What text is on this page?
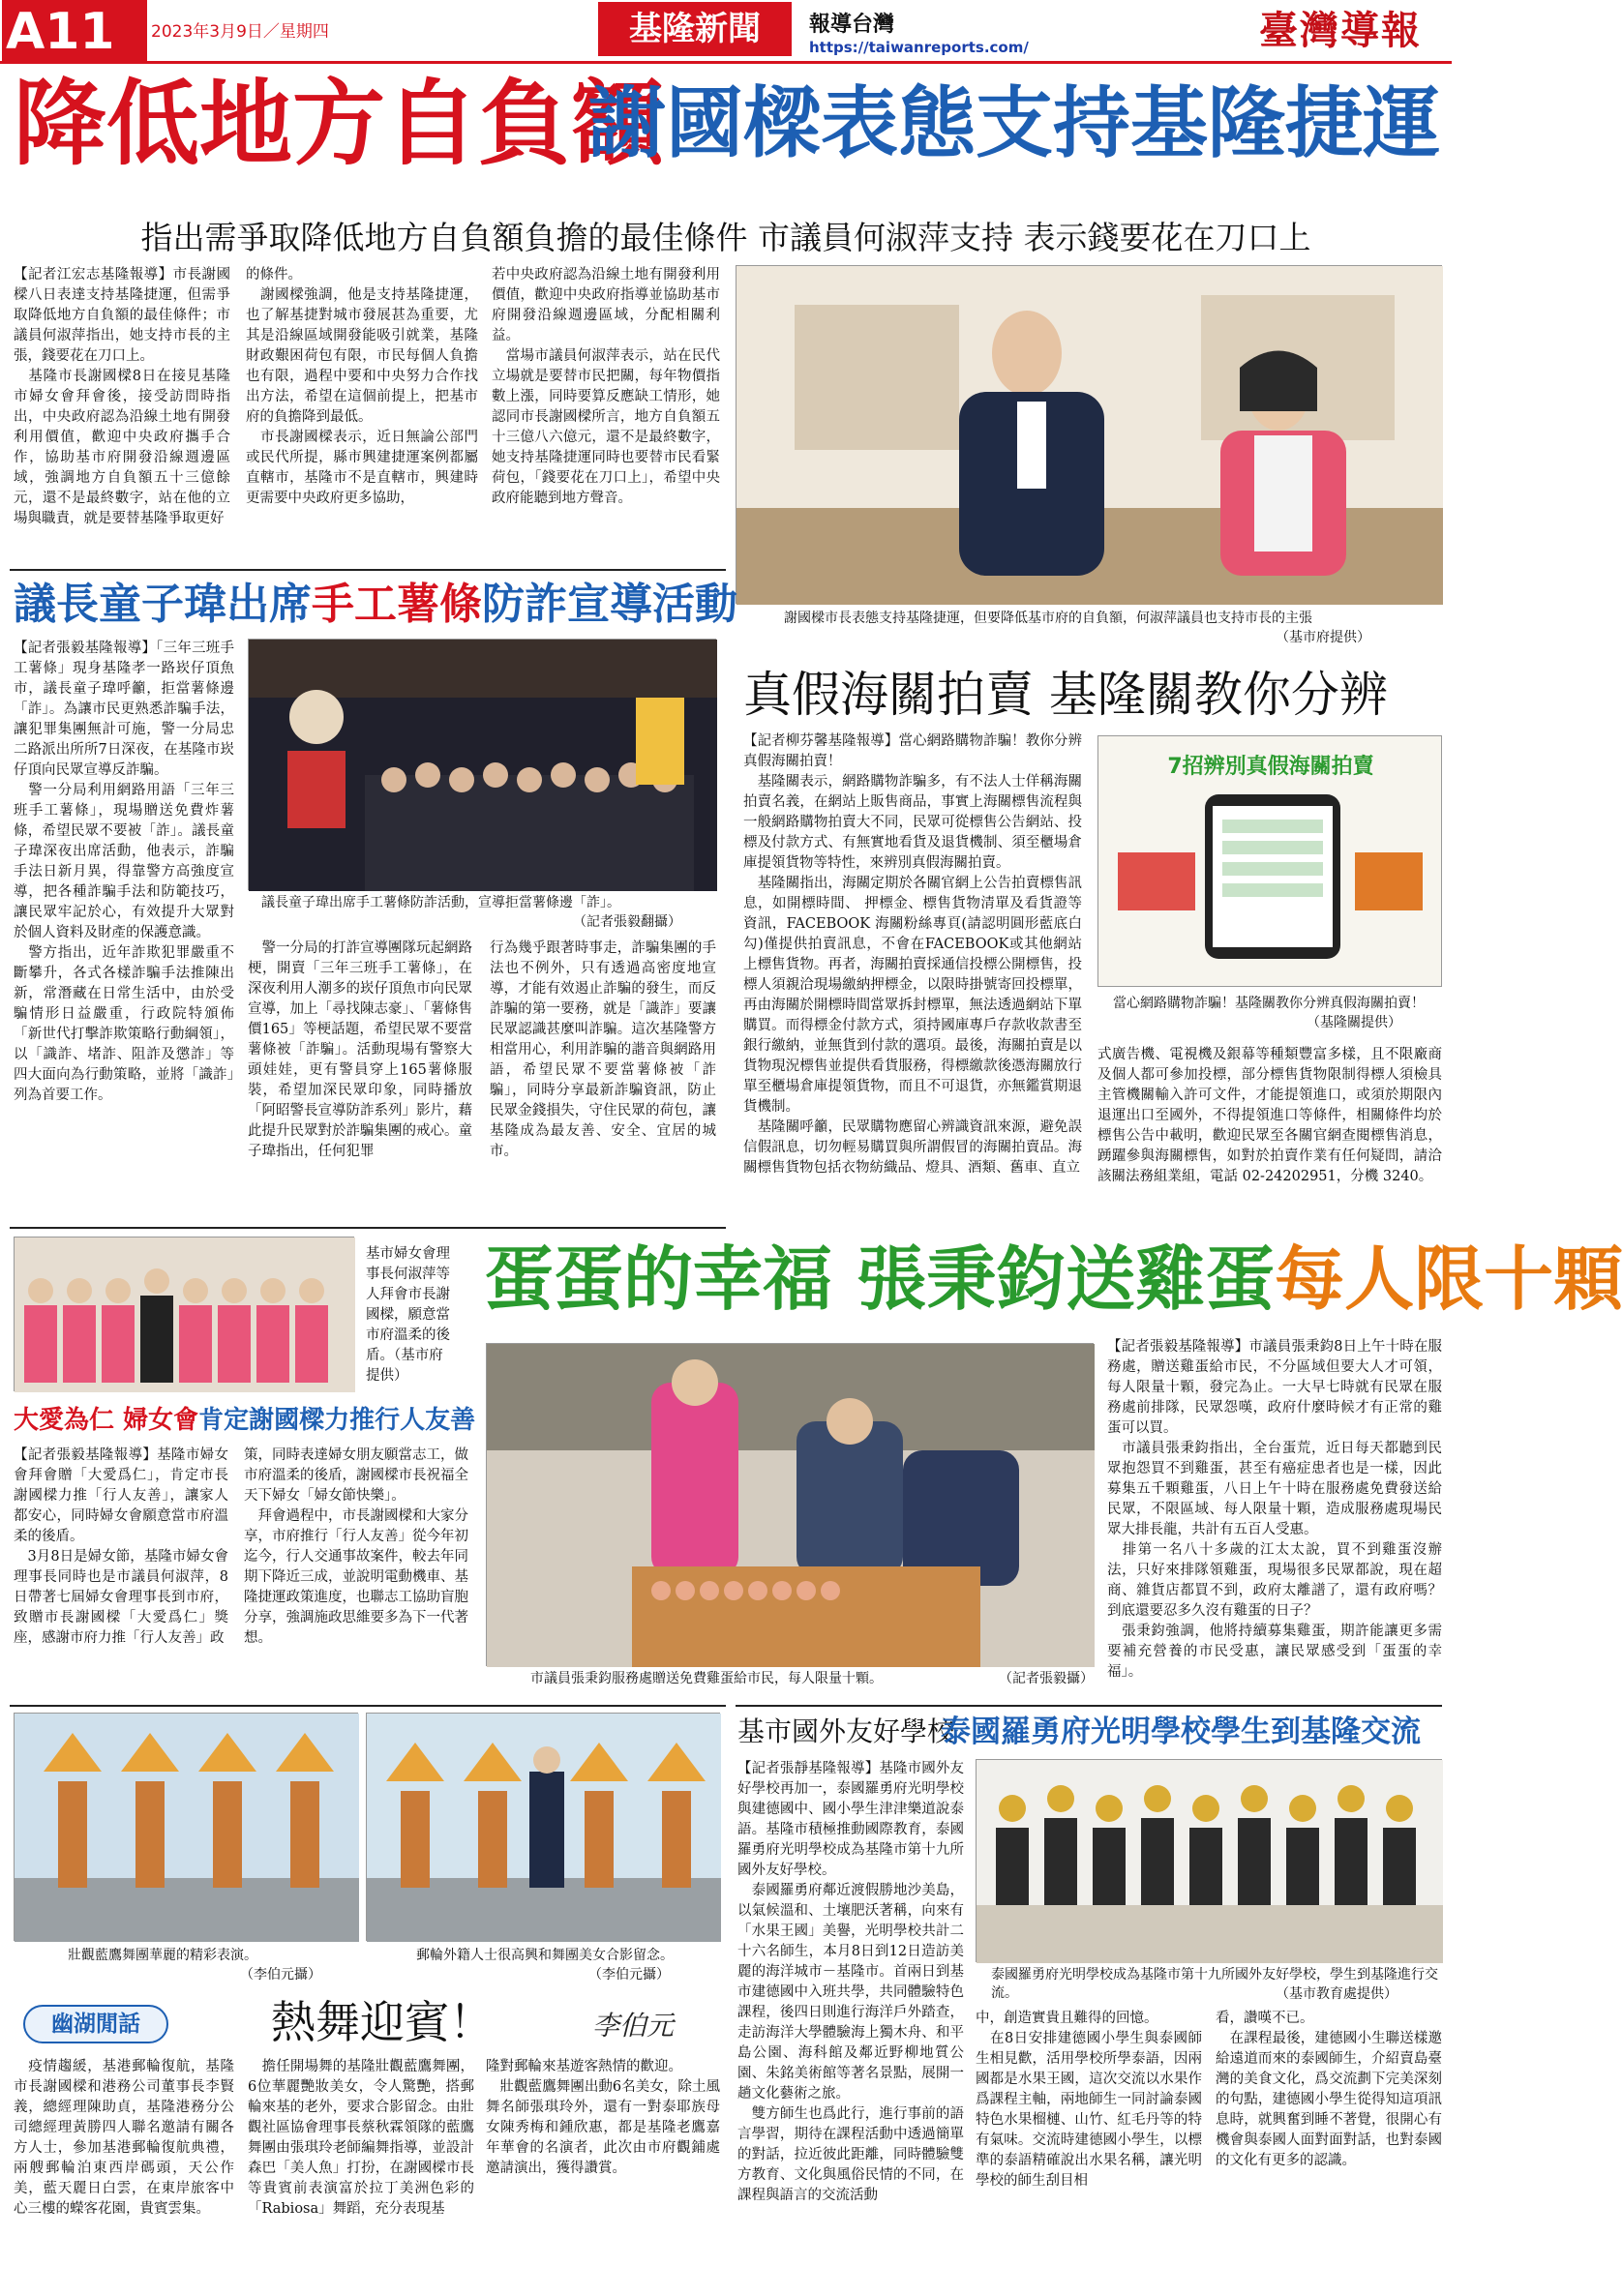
A11	2023年3月9日／星期四	基隆新聞	報導台灣
https://taiwanreports.com/	臺灣導報
降低地方自負額
謝國樑表態支持基隆捷運
指出需爭取降低地方自負額負擔的最佳條件 市議員何淑萍支持 表示錢要花在刀口上
【記者江宏志基隆報導】市長謝國樑八日表達支持基隆捷運，但需爭取降低地方自負額的最佳條件；市議員何淑萍指出，她支持市長的主張，錢要花在刀口上。
　基隆市長謝國樑8日在接見基隆市婦女會拜會後，接受訪問時指出，中央政府認為沿線土地有開發利用價值，歡迎中央政府攜手合作，協助基市府開發沿線週邊區域，強調地方自負額五十三億餘元，還不是最終數字，站在他的立場與職責，就是要替基隆爭取更好
的條件。
　謝國樑強調，他是支持基隆捷運，也了解基捷對城市發展甚為重要，尤其是沿線區域開發能吸引就業，基隆財政艱困荷包有限，市民每個人負擔也有限，過程中要和中央努力合作找出方法，希望在這個前提上，把基市府的負擔降到最低。
　市長謝國樑表示，近日無論公部門或民代所提，縣市興建捷運案例都屬直轄市，基隆市不是直轄市，興建時更需要中央政府更多協助，
若中央政府認為沿線土地有開發利用價值，歡迎中央政府指導並協助基市府開發沿線週邊區域，分配相關利益。
　當場市議員何淑萍表示，站在民代立場就是要替市民把關，每年物價指數上漲，同時要算反應缺工情形，她認同市長謝國樑所言，地方自負額五十三億八六億元，還不是最終數字，她支持基隆捷運同時也要替市民看緊荷包，「錢要花在刀口上」，希望中央政府能聽到地方聲音。
謝國樑市長表態支持基隆捷運，但要降低基市府的自負額，何淑萍議員也支持市長的主張
（基市府提供）
議長童子瑋出席手工薯條防詐宣導活動
【記者張毅基隆報導】「三年三班手工薯條」現身基隆孝一路崁仔頂魚市，議長童子瑋呼籲，拒當薯條邊「詐」。為讓市民更熟悉詐騙手法，讓犯罪集團無計可施，警一分局忠二路派出所所7日深夜，在基隆市崁仔頂向民眾宣導反詐騙。
　警一分局利用網路用語「三年三班手工薯條」，現場贈送免費炸薯條，希望民眾不要被「詐」。議長童子瑋深夜出席活動，他表示，詐騙手法日新月異，得靠警方高強度宣導，把各種詐騙手法和防範技巧，讓民眾牢記於心，有效提升大眾對於個人資料及財產的保護意識。
　警方指出，近年詐欺犯罪嚴重不斷攀升，各式各樣詐騙手法推陳出新，常潛藏在日常生活中，由於受騙情形日益嚴重，行政院特頒佈「新世代打擊詐欺策略行動綱領」，以「識詐、堵詐、阻詐及懲詐」等四大面向為行動策略，並將「識詐」列為首要工作。
議長童子瑋出席手工薯條防詐活動，宣導拒當薯條邊「詐」。
（記者張毅翻攝）
　警一分局的打詐宣導團隊玩起網路梗，開賣「三年三班手工薯條」，在深夜利用人潮多的崁仔頂魚市向民眾宣導，加上「尋找陳志豪」、「薯條售價165」等梗話題，希望民眾不要當薯條被「詐騙」。活動現場有警察大頭娃娃，更有警員穿上165薯條服裝，希望加深民眾印象，同時播放「阿昭警長宣導防詐系列」影片，藉此提升民眾對於詐騙集團的戒心。童子瑋指出，任何犯罪
行為幾乎跟著時事走，詐騙集團的手法也不例外，只有透過高密度地宣導，才能有效遏止詐騙的發生，而反詐騙的第一要務，就是「識詐」要讓民眾認識甚麼叫詐騙。這次基隆警方相當用心，利用詐騙的諧音與網路用語，希望民眾不要當薯條被「詐騙」，同時分享最新詐騙資訊，防止民眾金錢損失，守住民眾的荷包，讓基隆成為最友善、安全、宜居的城市。
真假海關拍賣 基隆關教你分辨
【記者柳芬馨基隆報導】當心網路購物詐騙！教你分辨真假海關拍賣！
　基隆關表示，網路購物詐騙多，有不法人士佯稱海關拍賣名義，在網站上販售商品，事實上海關標售流程與一般網路購物拍賣大不同，民眾可從標售公告網站、投標及付款方式、有無實地看貨及退貨機制、須至櫃場倉庫提領貨物等特性，來辨別真假海關拍賣。
　基隆關指出，海關定期於各關官網上公告拍賣標售訊息，如開標時間、 押標金、標售貨物清單及看貨證等資訊，FACEBOOK 海關粉絲專頁(請認明圓形藍底白勾)僅提供拍賣訊息，不會在FACEBOOK或其他網站上標售貨物。再者，海關拍賣採通信投標公開標售，投標人須親洽現場繳納押標金，以限時掛號寄回投標單，再由海關於開標時間當眾拆封標單，無法透過網站下單購買。而得標金付款方式，須持國庫專戶存款收款書至銀行繳納，並無貨到付款的選項。最後，海關拍賣是以貨物現況標售並提供看貨服務，得標繳款後憑海關放行單至櫃場倉庫提領貨物，而且不可退貨，亦無鑑賞期退貨機制。
　基隆關呼籲，民眾購物應留心辨識資訊來源，避免誤信假訊息，切勿輕易購買與所謂假冒的海關拍賣品。海關標售貨物包括衣物紡織品、燈具、酒類、舊車、直立
7招辨別真假海關拍賣
當心網路購物詐騙！基隆關教你分辨真假海關拍賣！
（基隆關提供）
式廣告機、電視機及銀幕等種類豐富多樣，且不限廠商及個人都可參加投標，部分標售貨物限制得標人須檢具主管機關輸入許可文件，才能提領進口，或須於期限內退運出口至國外，不得提領進口等條件，相關條件均於標售公告中載明，歡迎民眾至各關官網查閱標售消息，踴躍參與海關標售，如對於拍賣作業有任何疑問，請洽該關法務組業組，電話 02-24202951，分機 3240。
基市婦女會理事長何淑萍等人拜會市長謝國樑，願意當市府溫柔的後盾。（基市府提供）
大愛為仁 婦女會肯定謝國樑力推行人友善
【記者張毅基隆報導】基隆市婦女會拜會贈「大愛爲仁」，肯定市長謝國樑力推「行人友善」，讓家人都安心，同時婦女會願意當市府溫柔的後盾。
　3月8日是婦女節，基隆市婦女會理事長同時也是市議員何淑萍，8日帶著七屆婦女會理事長到市府，致贈市長謝國樑「大愛爲仁」獎座，感謝市府力推「行人友善」政
策，同時表達婦女朋友願當志工，做市府溫柔的後盾，謝國樑市長祝福全天下婦女「婦女節快樂」。
　拜會過程中，市長謝國樑和大家分享，市府推行「行人友善」從今年初迄今，行人交通事故案件，較去年同期下降近三成，並說明電動機車、基隆捷運政策進度，也聯志工協助盲胞分享，強調施政思維要多為下一代著想。
蛋蛋的幸福 張秉鈞送雞蛋每人限十顆
市議員張秉鈞服務處贈送免費雞蛋給市民，每人限量十顆。	（記者張毅攝）
【記者張毅基隆報導】市議員張秉鈞8日上午十時在服務處，贈送雞蛋給市民，不分區域但要大人才可領，每人限量十顆，發完為止。一大早七時就有民眾在服務處前排隊，民眾怨嘆，政府什麼時候才有正常的雞蛋可以買。
　市議員張秉鈞指出，全台蛋荒，近日每天都聽到民眾抱怨買不到雞蛋，甚至有癌症患者也是一樣，因此募集五千顆雞蛋，八日上午十時在服務處免費發送給民眾，不限區域、每人限量十顆，造成服務處現場民眾大排長龍，共計有五百人受惠。
　排第一名八十多歲的江太太說，買不到雞蛋沒辦法，只好來排隊領雞蛋，現場很多民眾都說，現在超商、雜貨店都買不到，政府太離譜了，還有政府嗎？到底還要忍多久沒有雞蛋的日子？
　張秉鈞強調，他將持續募集雞蛋，期許能讓更多需要補充營養的市民受惠，讓民眾感受到「蛋蛋的幸福」。
基市國外友好學校
泰國羅勇府光明學校學生到基隆交流
【記者張靜基隆報導】基隆市國外友好學校再加一，泰國羅勇府光明學校與建德國中、國小學生津津樂道說泰語。基隆市積極推動國際教育，泰國羅勇府光明學校成為基隆市第十九所國外友好學校。
　泰國羅勇府鄰近渡假勝地沙美島，以氣候溫和、土壤肥沃著稱，向來有「水果王國」美譽，光明學校共計二十六名師生，本月8日到12日造訪美麗的海洋城市－基隆市。首兩日到基市建德國中入班共學，共同體驗特色課程，後四日則進行海洋戶外踏查，走訪海洋大學體驗海上獨木舟、和平島公園、海科館及鄰近野柳地質公園、朱銘美術館等著名景點，展開一趟文化藝術之旅。
　雙方師生也爲此行，進行事前的語言學習，期待在課程活動中透過簡單的對話，拉近彼此距離，同時體驗雙方教育、文化與風俗民情的不同，在課程與語言的交流活動
泰國羅勇府光明學校成為基隆市第十九所國外友好學校，學生到基隆進行交流。	（基市教育處提供）
中，創造實貴且難得的回憶。
　在8日安排建德國小學生與泰國師生相見歡，活用學校所學泰語，因兩國都是水果王國，這次交流以水果作爲課程主軸，兩地師生一同討論泰國特色水果榴槤、山竹、紅毛丹等的特有氣味。交流時建德國小學生，以標準的泰語精確說出水果名稱，讓光明學校的師生刮目相
看，讚嘆不已。
　在課程最後，建德國小生聯送樣邀給遠道而來的泰國師生，介紹賣島臺灣的美食文化，爲交流劃下完美深刻的句點，建德國小學生從得知這項訊息時，就興奮到睡不著覺，很開心有機會與泰國人面對面對話，也對泰國的文化有更多的認識。
壯觀藍鷹舞團華麗的精彩表演。
（李伯元攝）
郵輪外籍人士很高興和舞團美女合影留念。
（李伯元攝）
幽湖閒話	熱舞迎賓！	李伯元
　疫情趨緩，基港郵輪復航，基隆市長謝國樑和港務公司董事長李賢義，總經理陳助貞，基隆港務分公司總經理黃勝四人聯名邀請有關各方人士，參加基港郵輪復航典禮，兩艘郵輪泊東西岸碼頭，天公作美，藍天麗日白雲，在東岸旅客中心三樓的蠑客花園，貴賓雲集。
　擔任開場舞的基隆壯觀藍鷹舞團，6位華麗艷妝美女，令人驚艷，搭郵輪來基的老外，要求合影留念。由壯觀社區協會理事長蔡秋霖領隊的藍鷹舞團由張琪玲老師編舞指導，並設計森巴「美人魚」打扮，在謝國樑市長等貴賓前表演富於拉丁美洲色彩的「Rabiosa」舞蹈，充分表現基
隆對郵輪來基遊客熱情的歡迎。
　壯觀藍鷹舞團出動6名美女，除土風舞名師張琪玲外，還有一對泰耶族母女陳秀梅和鍾欣惠，都是基隆老鷹嘉年華會的名演者，此次由市府觀鋪處邀請演出，獲得讚賞。
